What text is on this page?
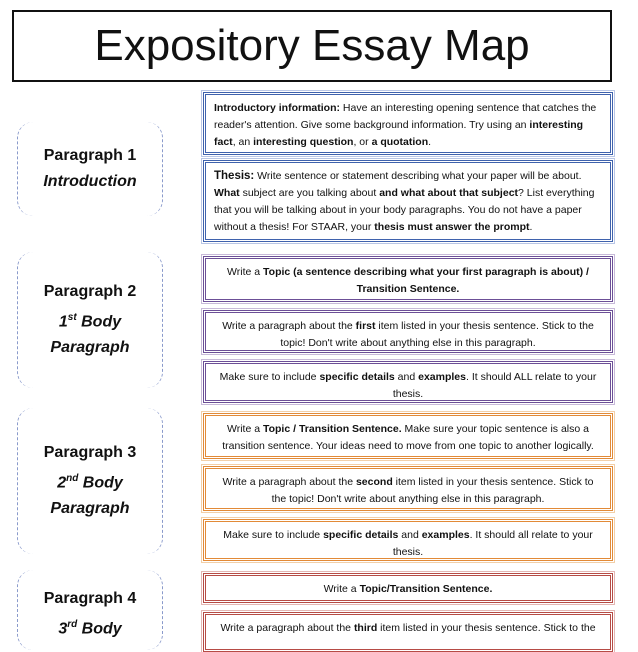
Expository Essay Map
Paragraph 1
Introduction
Paragraph 2
1st Body
Paragraph
Paragraph 3
2nd Body
Paragraph
Paragraph 4
3rd Body
Introductory information: Have an interesting opening sentence that catches the reader's attention. Give some background information. Try using an interesting fact, an interesting question, or a quotation.
Thesis: Write sentence or statement describing what your paper will be about. What subject are you talking about and what about that subject? List everything that you will be talking about in your body paragraphs. You do not have a paper without a thesis! For STAAR, your thesis must answer the prompt.
Write a Topic (a sentence describing what your first paragraph is about) / Transition Sentence.
Write a paragraph about the first item listed in your thesis sentence. Stick to the topic! Don't write about anything else in this paragraph.
Make sure to include specific details and examples. It should ALL relate to your thesis.
Write a Topic / Transition Sentence. Make sure your topic sentence is also a transition sentence. Your ideas need to move from one topic to another logically.
Write a paragraph about the second item listed in your thesis sentence. Stick to the topic! Don't write about anything else in this paragraph.
Make sure to include specific details and examples. It should all relate to your thesis.
Write a Topic/Transition Sentence.
Write a paragraph about the third item listed in your thesis sentence. Stick to the
